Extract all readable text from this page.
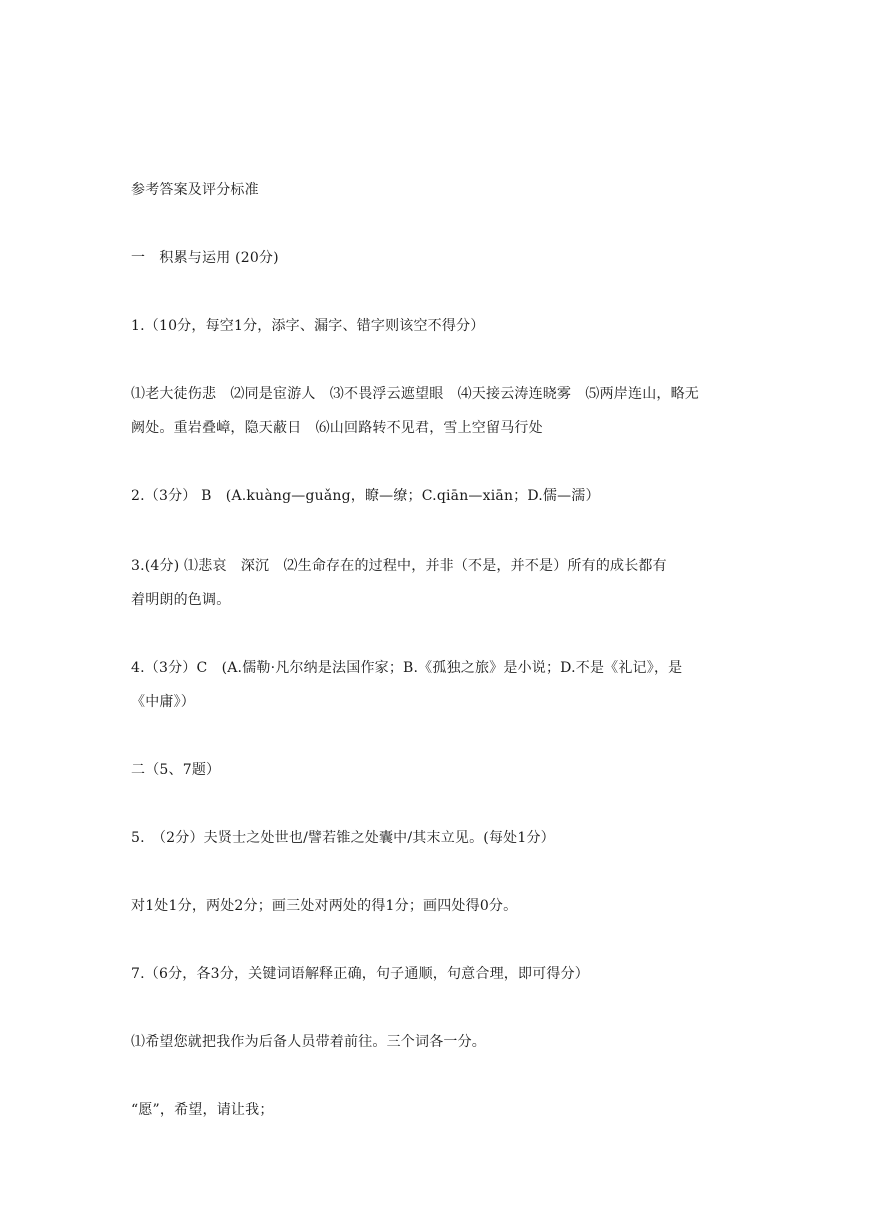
参考答案及评分标准
一　积累与运用 (20分)
1.（10分，每空1分，添字、漏字、错字则该空不得分）
⑴老大徒伤悲　⑵同是宦游人　⑶不畏浮云遮望眼　⑷天接云涛连晓雾　⑸两岸连山，略无
阙处。重岩叠嶂，隐天蔽日　⑹山回路转不见君，雪上空留马行处
2.（3分） B　(A.kuàng—guǎng，瞭—缭；C.qiān—xiān；D.儒—濡）
3.(4分) ⑴悲哀　深沉　⑵生命存在的过程中，并非（不是，并不是）所有的成长都有
着明朗的色调。
4.（3分）C　(A.儒勒·凡尔纳是法国作家；B.《孤独之旅》是小说；D.不是《礼记》，是
《中庸》）
二（5、7题）
5.　（2分）夫贤士之处世也/譬若锥之处囊中/其末立见。(每处1分）
对1处1分，两处2分；画三处对两处的得1分；画四处得0分。
7.（6分，各3分，关键词语解释正确，句子通顺，句意合理，即可得分）
⑴希望您就把我作为后备人员带着前往。三个词各一分。
“愿”，希望，请让我；
